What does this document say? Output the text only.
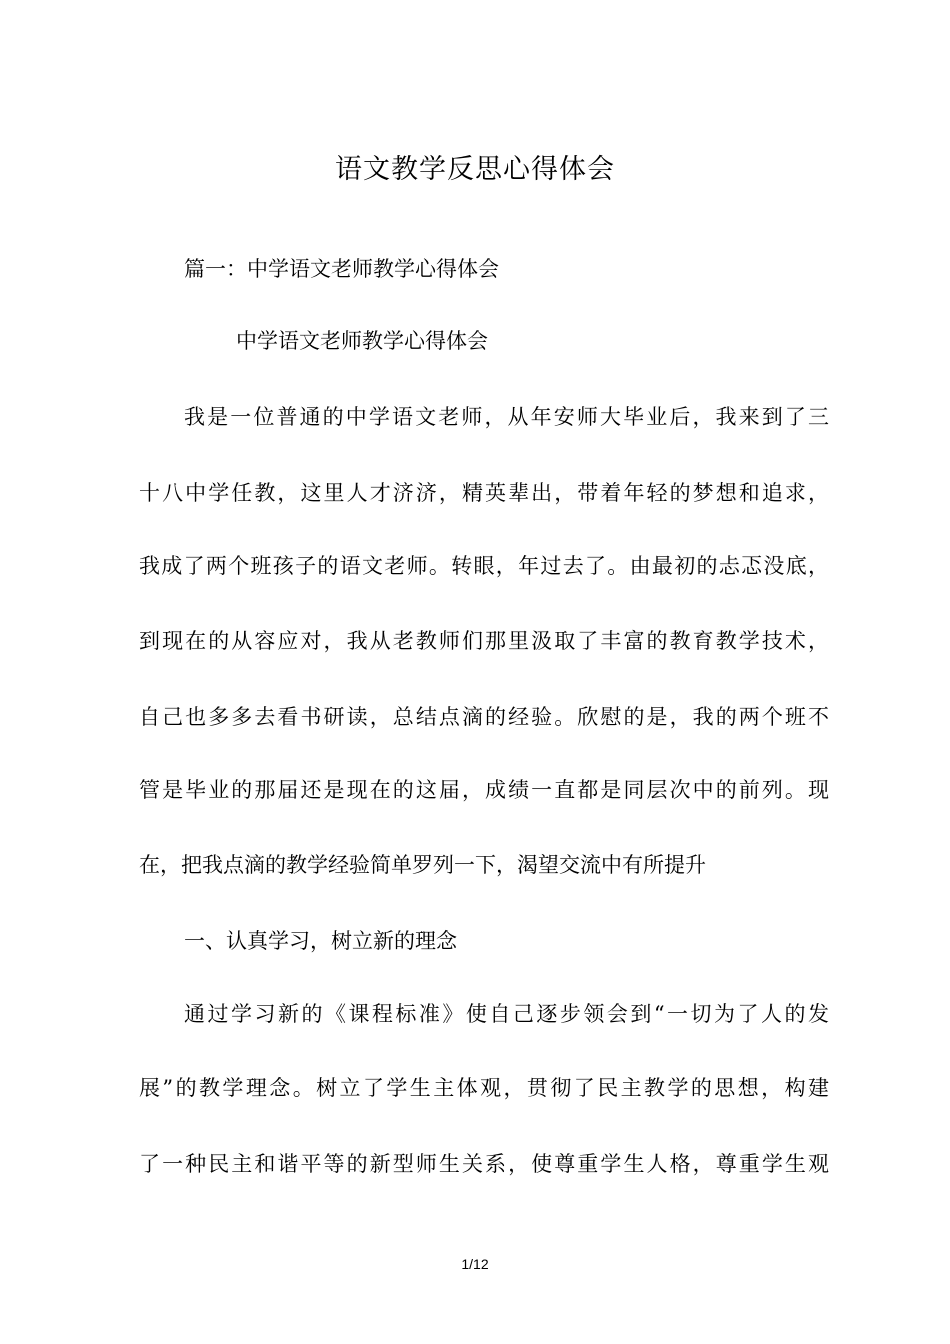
语文教学反思心得体会

篇一：中学语文老师教学心得体会

中学语文老师教学心得体会

我是一位普通的中学语文老师，从年安师大毕业后，我来到了三

十八中学任教，这里人才济济，精英辈出，带着年轻的梦想和追求，

我成了两个班孩子的语文老师。转眼，年过去了。由最初的忐忑没底，

到现在的从容应对，我从老教师们那里汲取了丰富的教育教学技术，

自己也多多去看书研读，总结点滴的经验。欣慰的是，我的两个班不

管是毕业的那届还是现在的这届，成绩一直都是同层次中的前列。现

在，把我点滴的教学经验简单罗列一下，渴望交流中有所提升

一、认真学习，树立新的理念

通过学习新的《课程标准》使自己逐步领会到“一切为了人的发

展”的教学理念。树立了学生主体观，贯彻了民主教学的思想，构建

了一种民主和谐平等的新型师生关系，使尊重学生人格，尊重学生观

1/12
